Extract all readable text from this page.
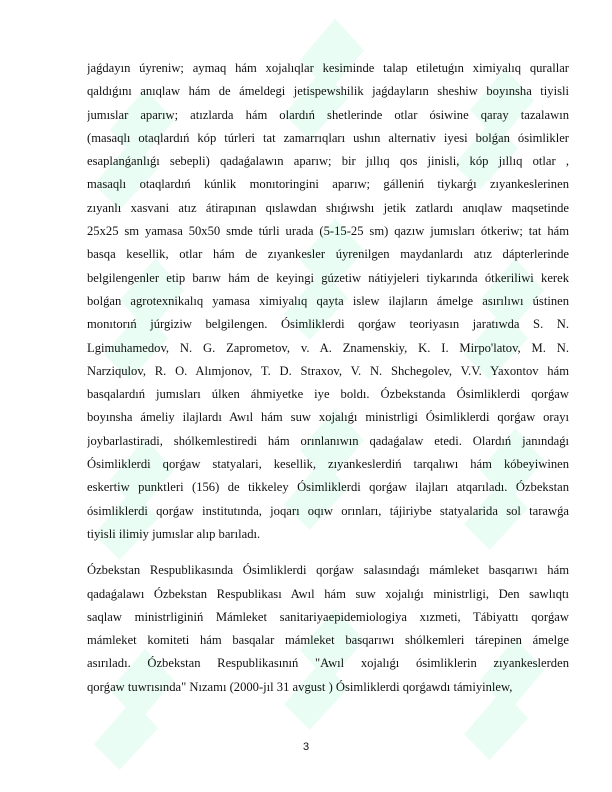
jaǵdayın úyreniw; aymaq hám xojalıqlar kesiminde talap etiletuǵın ximiyalıq qurallar
qaldıǵını anıqlaw hám de ámeldegi jetispewshilik jaǵdayların sheshiw boyınsha tiyisli
jumıslar aparıw; atızlarda hám olardıń shetlerinde otlar ósiwine qaray tazalawın
(masaqlı otaqlardıń kóp túrleri tat zamarrıqları ushın alternativ iyesi bolǵan ósimlikler
esaplanǵanlıǵı sebepli) qadaǵalawın aparıw; bir jıllıq qos jinisli, kóp jıllıq otlar ,
masaqlı otaqlardıń kúnlik monıtoringini aparıw; gálleniń tiykarǵı zıyankeslerinen
zıyanlı xasvani atız átirapınan qıslawdan shıǵıwshı jetik zatlardı anıqlaw maqsetinde
25x25 sm yamasa 50x50 smde túrli urada (5-15-25 sm) qazıw jumısları ótkeriw; tat hám
basqa kesellik, otlar hám de zıyankesler úyrenilgen maydanlardı atız dápterlerinde
belgilengenler etip barıw hám de keyingi gúzetiw nátiyjeleri tiykarında ótkeriliwi kerek
bolǵan agrotexnikalıq yamasa ximiyalıq qayta islew ilajların ámelge asırılıwı ústinen
monıtorıń júrgiziw belgilengen. Ósimliklerdi qorǵaw teoriyasın jaratıwda S. N.
Lgimuhamedov, N. G. Zaprometov, v. A. Znamenskiy, K. I. Mirpo'latov, M. N.
Narziqulov, R. O. Alımjonov, T. D. Straxov, V. N. Shchegolev, V.V. Yaxontov hám
basqalardıń jumısları úlken áhmiyetke iye boldı. Ózbekstanda Ósimliklerdi qorǵaw
boyınsha ámeliy ilajlardı Awıl hám suw xojalıǵı ministrligi Ósimliklerdi qorǵaw orayı
joybarlastiradi, shólkemlestiredi hám orınlanıwın qadaǵalaw etedi. Olardıń janındaǵı
Ósimliklerdi qorǵaw statyalari, kesellik, zıyankeslerdiń tarqalıwı hám kóbeyiwinen
eskertiw punktleri (156) de tikkeley Ósimliklerdi qorǵaw ilajları atqarıladı. Ózbekstan
ósimliklerdi qorǵaw institutında, joqarı oqıw orınları, tájiriybe statyalarida sol tarawǵa
tiyisli ilimiy jumıslar alıp barıladı.
Ózbekstan Respublikasında Ósimliklerdi qorǵaw salasındaǵı mámleket basqarıwı hám
qadaǵalawı Ózbekstan Respublikası Awıl hám suw xojalıǵı ministrligi, Den sawlıqtı
saqlaw ministrliginiń Mámleket sanitariyaepidemiologiya xızmeti, Tábiyattı qorǵaw
mámleket komiteti hám basqalar mámleket basqarıwı shólkemleri tárepinen ámelge
asırıladı. Ózbekstan Respublikasınıń "Awıl xojalıǵı ósimliklerin zıyankeslerden
qorǵaw tuwrısında" Nızamı (2000-jıl 31 avgust ) Ósimliklerdi qorǵawdı támiyinlew,
3
